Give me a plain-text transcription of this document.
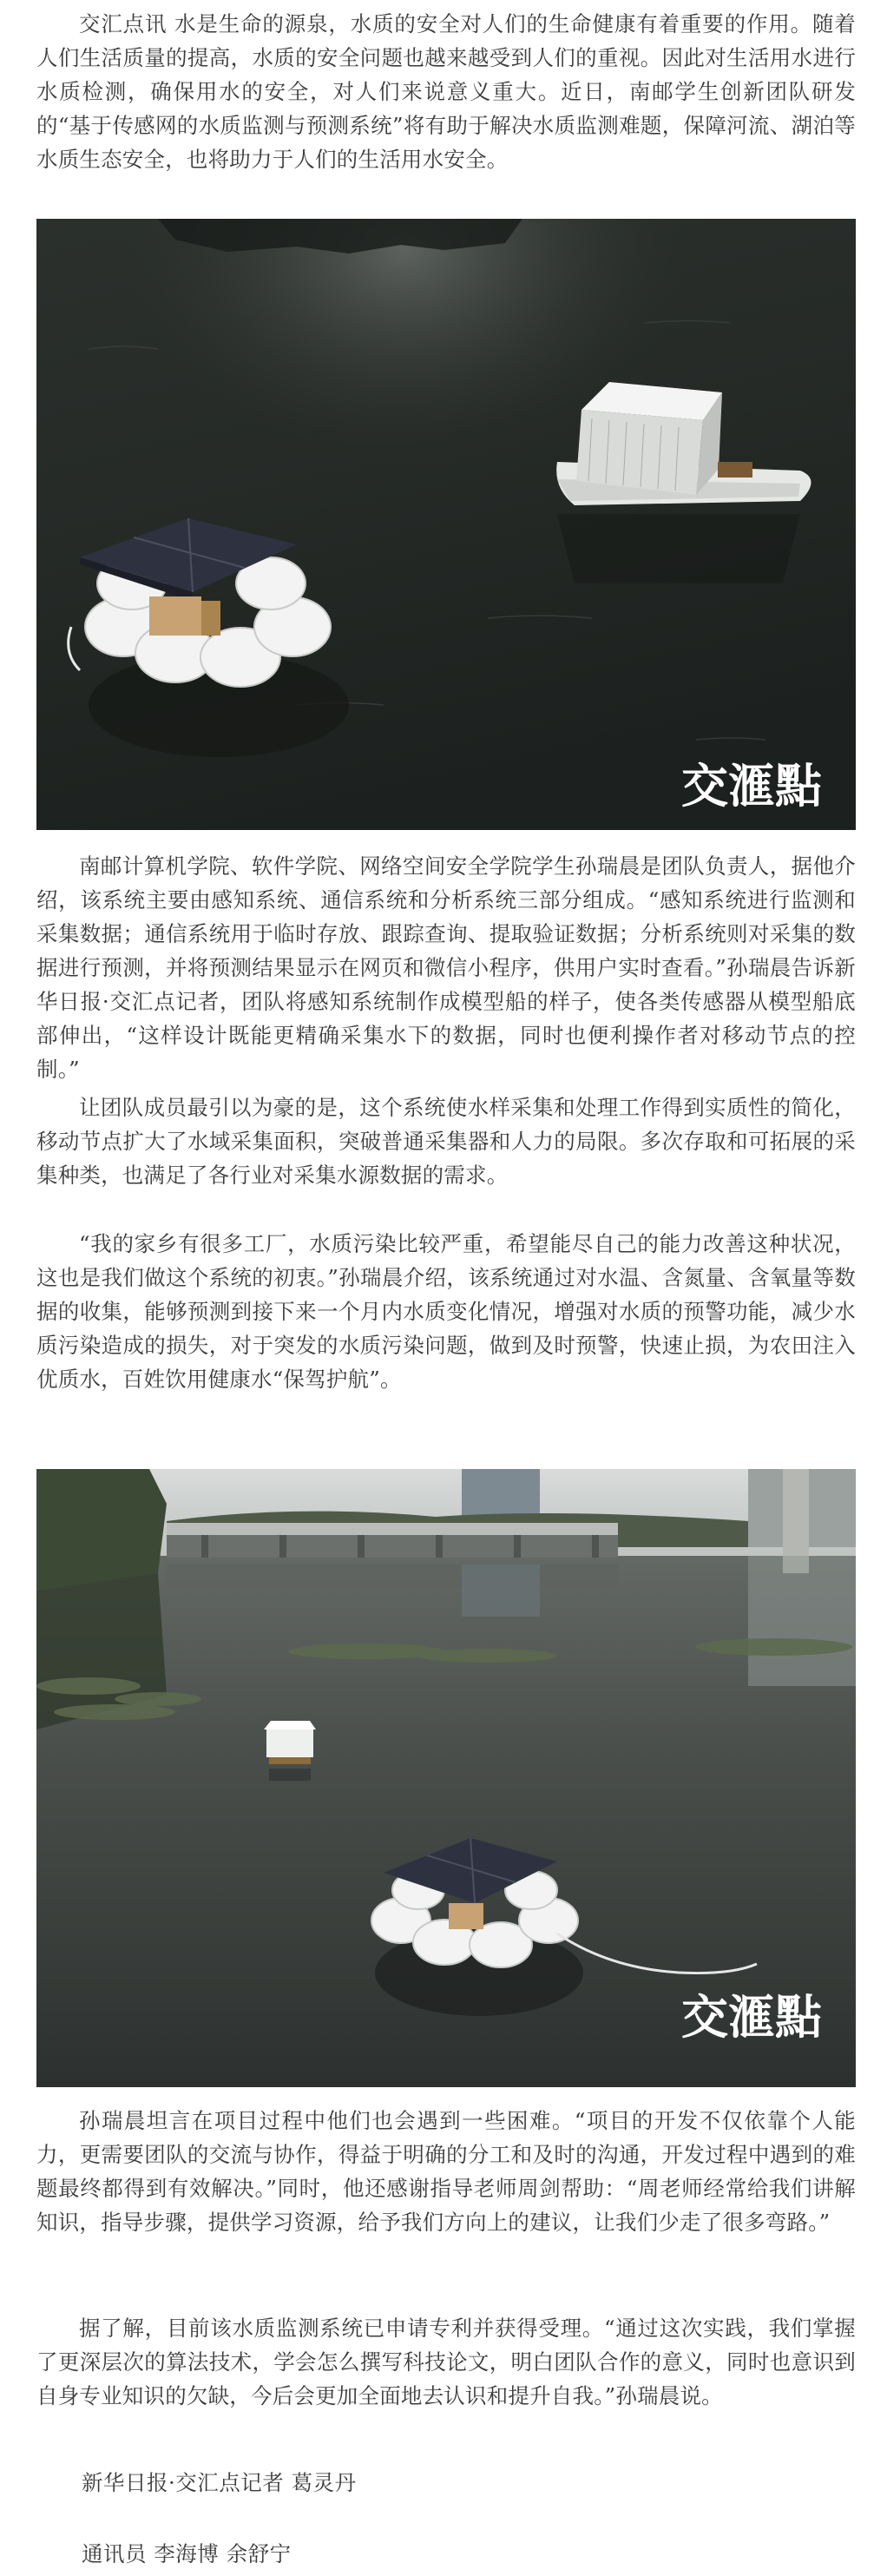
交汇点讯 水是生命的源泉，水质的安全对人们的生命健康有着重要的作用。随着人们生活质量的提高，水质的安全问题也越来越受到人们的重视。因此对生活用水进行水质检测，确保用水的安全，对人们来说意义重大。近日，南邮学生创新团队研发的“基于传感网的水质监测与预测系统”将有助于解决水质监测难题，保障河流、湖泊等水质生态安全，也将助力于人们的生活用水安全。

交滙點

南邮计算机学院、软件学院、网络空间安全学院学生孙瑞晨是团队负责人，据他介绍，该系统主要由感知系统、通信系统和分析系统三部分组成。“感知系统进行监测和采集数据；通信系统用于临时存放、跟踪查询、提取验证数据；分析系统则对采集的数据进行预测，并将预测结果显示在网页和微信小程序，供用户实时查看。”孙瑞晨告诉新华日报·交汇点记者，团队将感知系统制作成模型船的样子，使各类传感器从模型船底部伸出，“这样设计既能更精确采集水下的数据，同时也便利操作者对移动节点的控制。”

让团队成员最引以为豪的是，这个系统使水样采集和处理工作得到实质性的简化，移动节点扩大了水域采集面积，突破普通采集器和人力的局限。多次存取和可拓展的采集种类，也满足了各行业对采集水源数据的需求。

“我的家乡有很多工厂，水质污染比较严重，希望能尽自己的能力改善这种状况，这也是我们做这个系统的初衷。”孙瑞晨介绍，该系统通过对水温、含氮量、含氧量等数据的收集，能够预测到接下来一个月内水质变化情况，增强对水质的预警功能，减少水质污染造成的损失，对于突发的水质污染问题，做到及时预警，快速止损，为农田注入优质水，百姓饮用健康水“保驾护航”。

交滙點

孙瑞晨坦言在项目过程中他们也会遇到一些困难。“项目的开发不仅依靠个人能力，更需要团队的交流与协作，得益于明确的分工和及时的沟通，开发过程中遇到的难题最终都得到有效解决。”同时，他还感谢指导老师周剑帮助：“周老师经常给我们讲解知识，指导步骤，提供学习资源，给予我们方向上的建议，让我们少走了很多弯路。”

据了解，目前该水质监测系统已申请专利并获得受理。“通过这次实践，我们掌握了更深层次的算法技术，学会怎么撰写科技论文，明白团队合作的意义，同时也意识到自身专业知识的欠缺，今后会更加全面地去认识和提升自我。”孙瑞晨说。

新华日报·交汇点记者 葛灵丹

通讯员 李海博 余舒宁
